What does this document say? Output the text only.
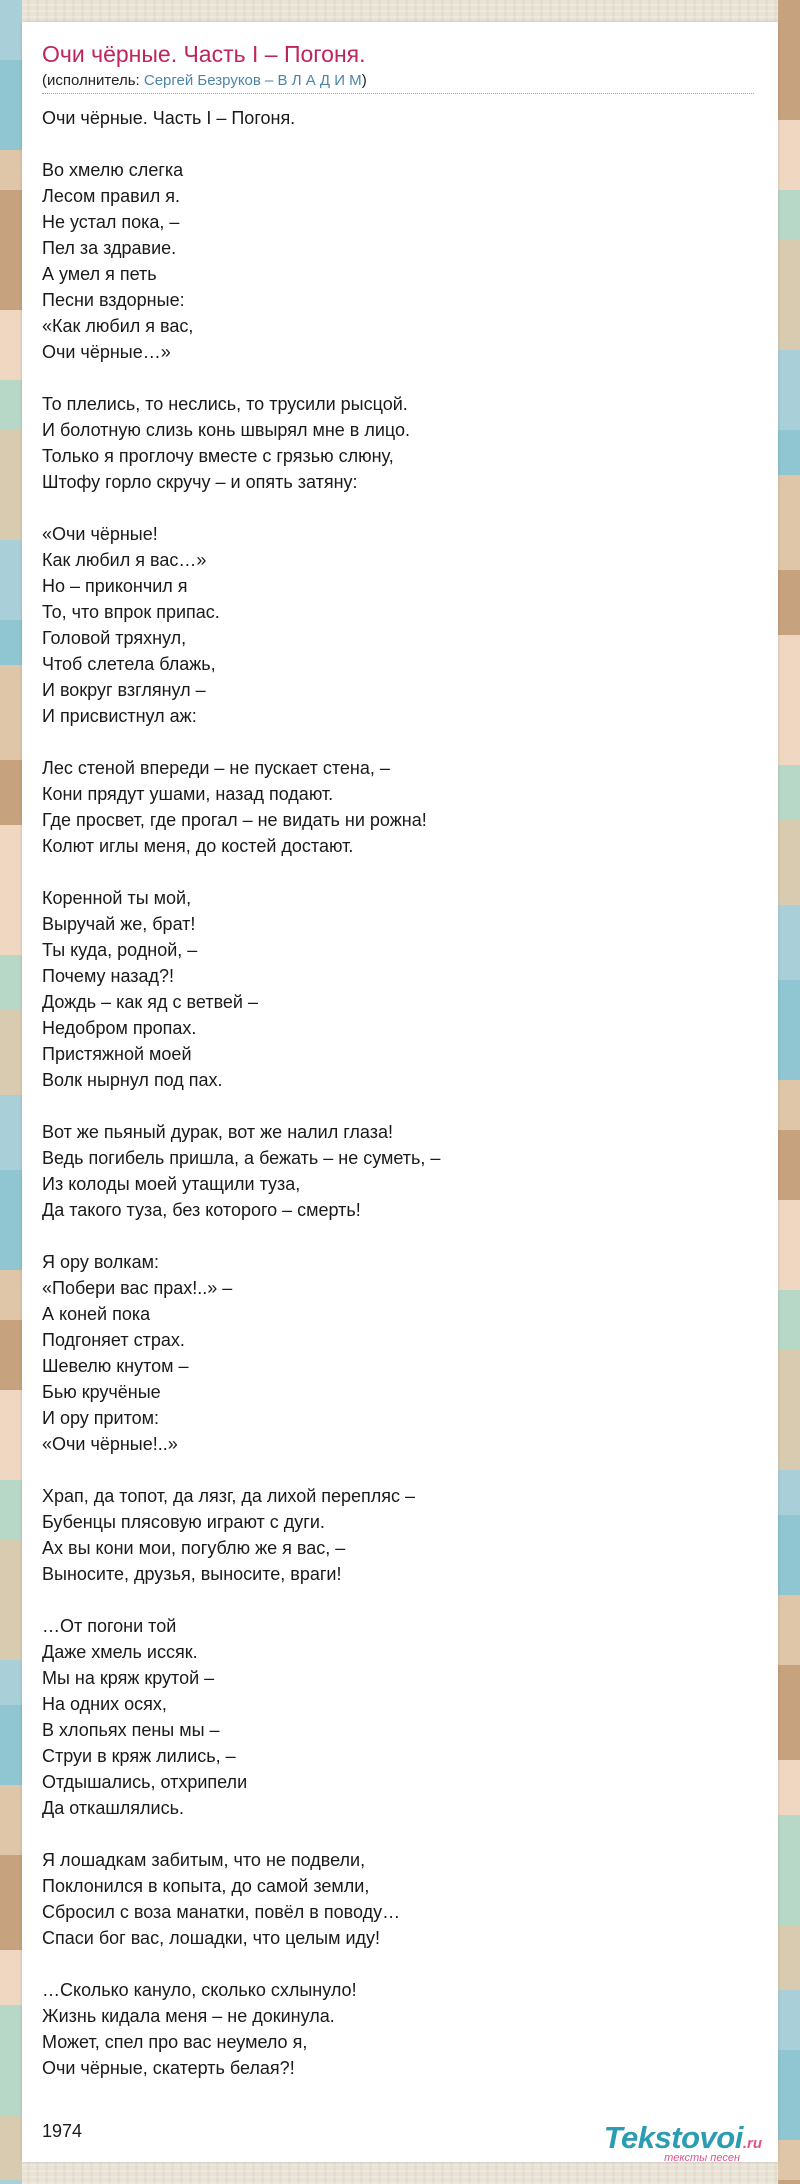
Очи чёрные. Часть I – Погоня.
(исполнитель: Сергей Безруков – В Л А Д И М)
Очи чёрные. Часть I – Погоня.
Во хмелю слегка
Лесом правил я.
Не устал пока, –
Пел за здравие.
А умел я петь
Песни вздорные:
«Как любил я вас,
Очи чёрные…»
То плелись, то неслись, то трусили рысцой.
И болотную слизь конь швырял мне в лицо.
Только я проглочу вместе с грязью слюну,
Штофу горло скручу – и опять затяну:
«Очи чёрные!
Как любил я вас…»
Но – прикончил я
То, что впрок припас.
Головой тряхнул,
Чтоб слетела блажь,
И вокруг взглянул –
И присвистнул аж:
Лес стеной впереди – не пускает стена, –
Кони прядут ушами, назад подают.
Где просвет, где прогал – не видать ни рожна!
Колют иглы меня, до костей достают.
Коренной ты мой,
Выручай же, брат!
Ты куда, родной, –
Почему назад?!
Дождь – как яд с ветвей –
Недобром пропах.
Пристяжной моей
Волк нырнул под пах.
Вот же пьяный дурак, вот же налил глаза!
Ведь погибель пришла, а бежать – не суметь, –
Из колоды моей утащили туза,
Да такого туза, без которого – смерть!
Я ору волкам:
«Побери вас прах!..» –
А коней пока
Подгоняет страх.
Шевелю кнутом –
Бью кручёные
И ору притом:
«Очи чёрные!..»
Храп, да топот, да лязг, да лихой перепляс –
Бубенцы плясовую играют с дуги.
Ах вы кони мои, погублю же я вас, –
Выносите, друзья, выносите, враги!
…От погони той
Даже хмель иссяк.
Мы на кряж крутой –
На одних осях,
В хлопьях пены мы –
Струи в кряж лились, –
Отдышались, отхрипели
Да откашлялись.
Я лошадкам забитым, что не подвели,
Поклонился в копыта, до самой земли,
Сбросил с воза манатки, повёл в поводу…
Спаси бог вас, лошадки, что целым иду!
…Сколько кануло, сколько схлынуло!
Жизнь кидала меня – не докинула.
Может, спел про вас неумело я,
Очи чёрные, скатерть белая?!
1974	Tekstovoi.ru
тексты песен
